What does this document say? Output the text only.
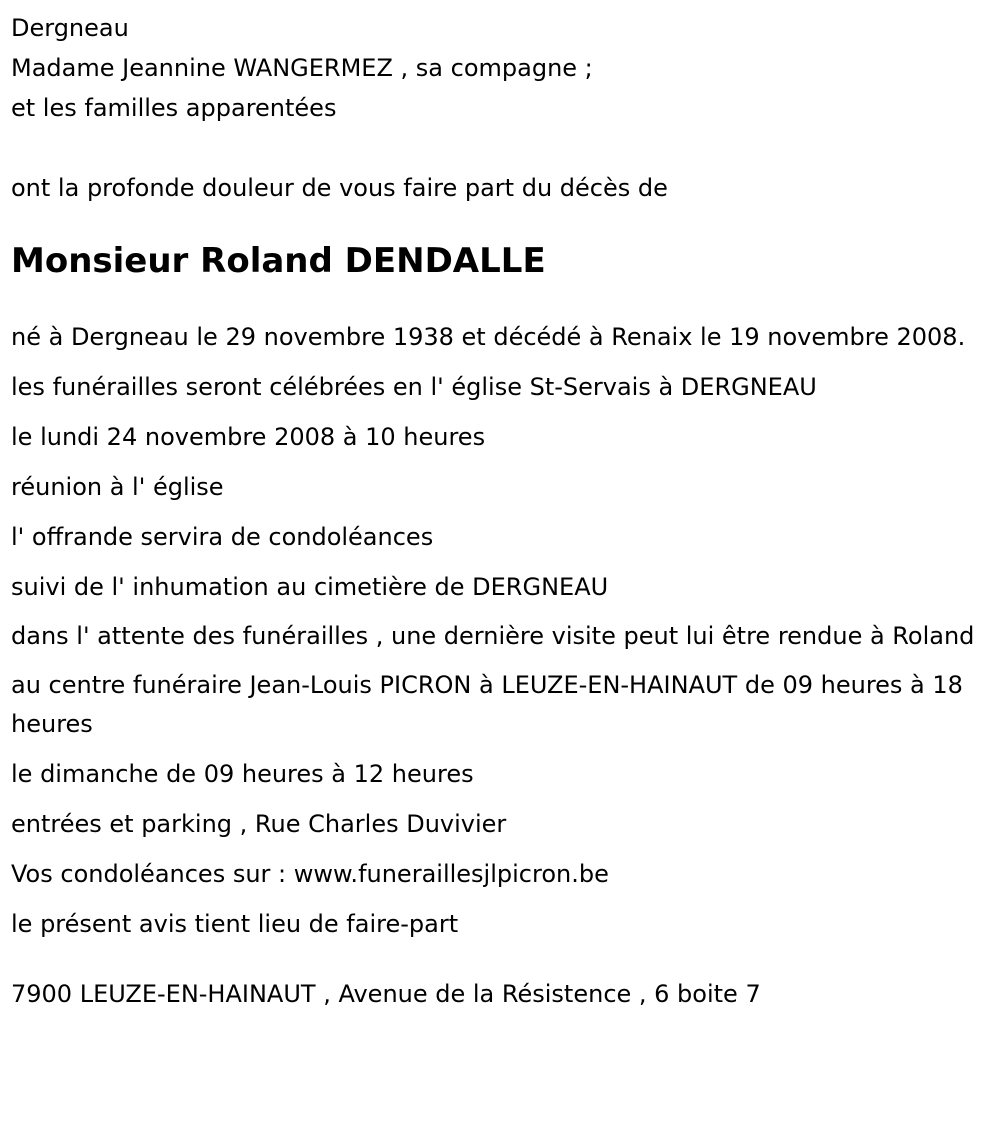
Dergneau

Madame Jeannine WANGERMEZ , sa compagne ;

et les familles apparentées

ont la profonde douleur de vous faire part du décès de

Monsieur Roland DENDALLE

né à Dergneau le 29 novembre 1938 et décédé à Renaix le 19 novembre 2008.

les funérailles seront célébrées en l' église St-Servais à DERGNEAU

le lundi 24 novembre 2008 à 10 heures

réunion à l' église

l' offrande servira de condoléances

suivi de l' inhumation au cimetière de DERGNEAU

dans l' attente des funérailles , une dernière visite peut lui être rendue à Roland

au centre funéraire Jean-Louis PICRON à LEUZE-EN-HAINAUT de 09 heures à 18 heures

le dimanche de 09 heures à 12 heures

entrées et parking , Rue Charles Duvivier

Vos condoléances sur : www.funeraillesjlpicron.be

le présent avis tient lieu de faire-part

7900 LEUZE-EN-HAINAUT , Avenue de la Résistence , 6 boite 7
